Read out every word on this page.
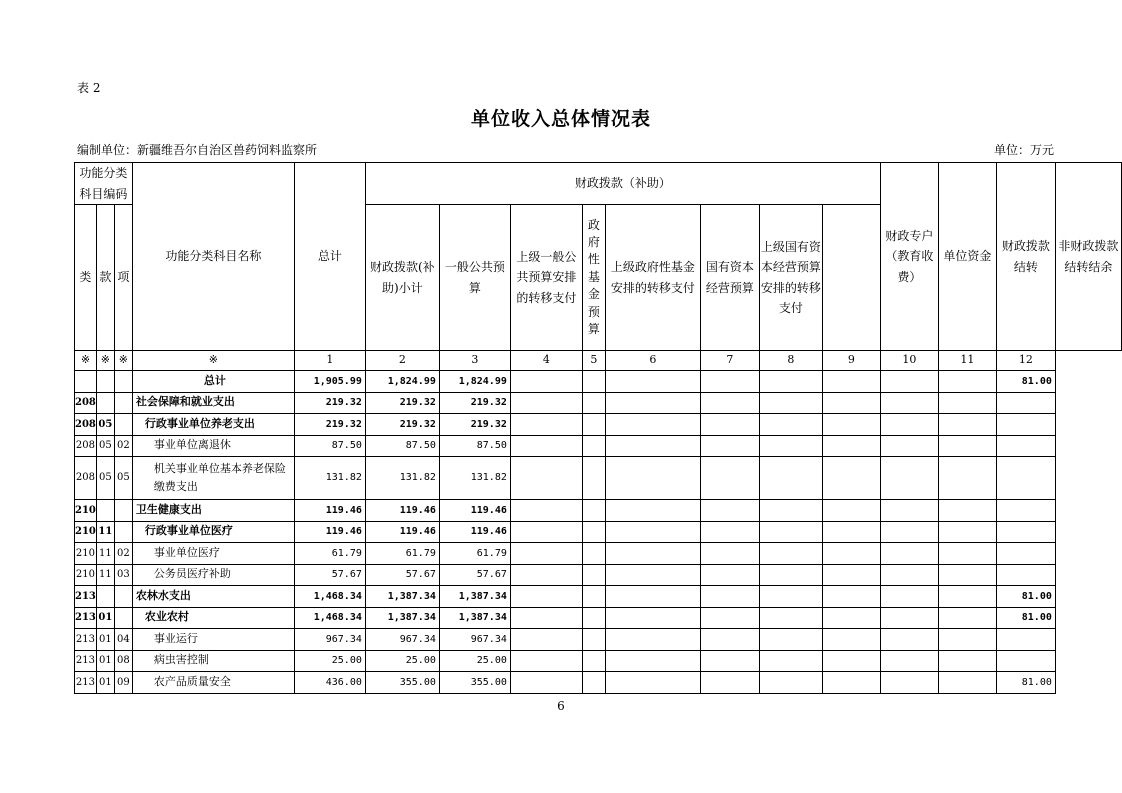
表 2
单位收入总体情况表
编制单位：新疆维吾尔自治区兽药饲料监察所	单位：万元
功能分类科目编码			功能分类科目名称	总计	财政拨款（补助）								财政专户（教育收费）	单位资金	财政拨款结转	非财政拨款结转结余
类	款	项			财政拨款(补助)小计	一般公共预算	上级一般公共预算安排的转移支付	政府性基金预算	上级政府性基金安排的转移支付	国有资本经营预算	上级国有资本经营预算安排的转移支付					
※	※	※	※	1	2	3	4	5	6	7	8	9	10	11	12	
			总计	1,905.99	1,824.99	1,824.99									81.00	
208			社会保障和就业支出	219.32	219.32	219.32										
208	05		行政事业单位养老支出	219.32	219.32	219.32										
208	05	02	事业单位离退休	87.50	87.50	87.50										
208	05	05	机关事业单位基本养老保险缴费支出	131.82	131.82	131.82										
210			卫生健康支出	119.46	119.46	119.46										
210	11		行政事业单位医疗	119.46	119.46	119.46										
210	11	02	事业单位医疗	61.79	61.79	61.79										
210	11	03	公务员医疗补助	57.67	57.67	57.67										
213			农林水支出	1,468.34	1,387.34	1,387.34									81.00	
213	01		农业农村	1,468.34	1,387.34	1,387.34									81.00	
213	01	04	事业运行	967.34	967.34	967.34										
213	01	08	病虫害控制	25.00	25.00	25.00										
213	01	09	农产品质量安全	436.00	355.00	355.00									81.00	
6
